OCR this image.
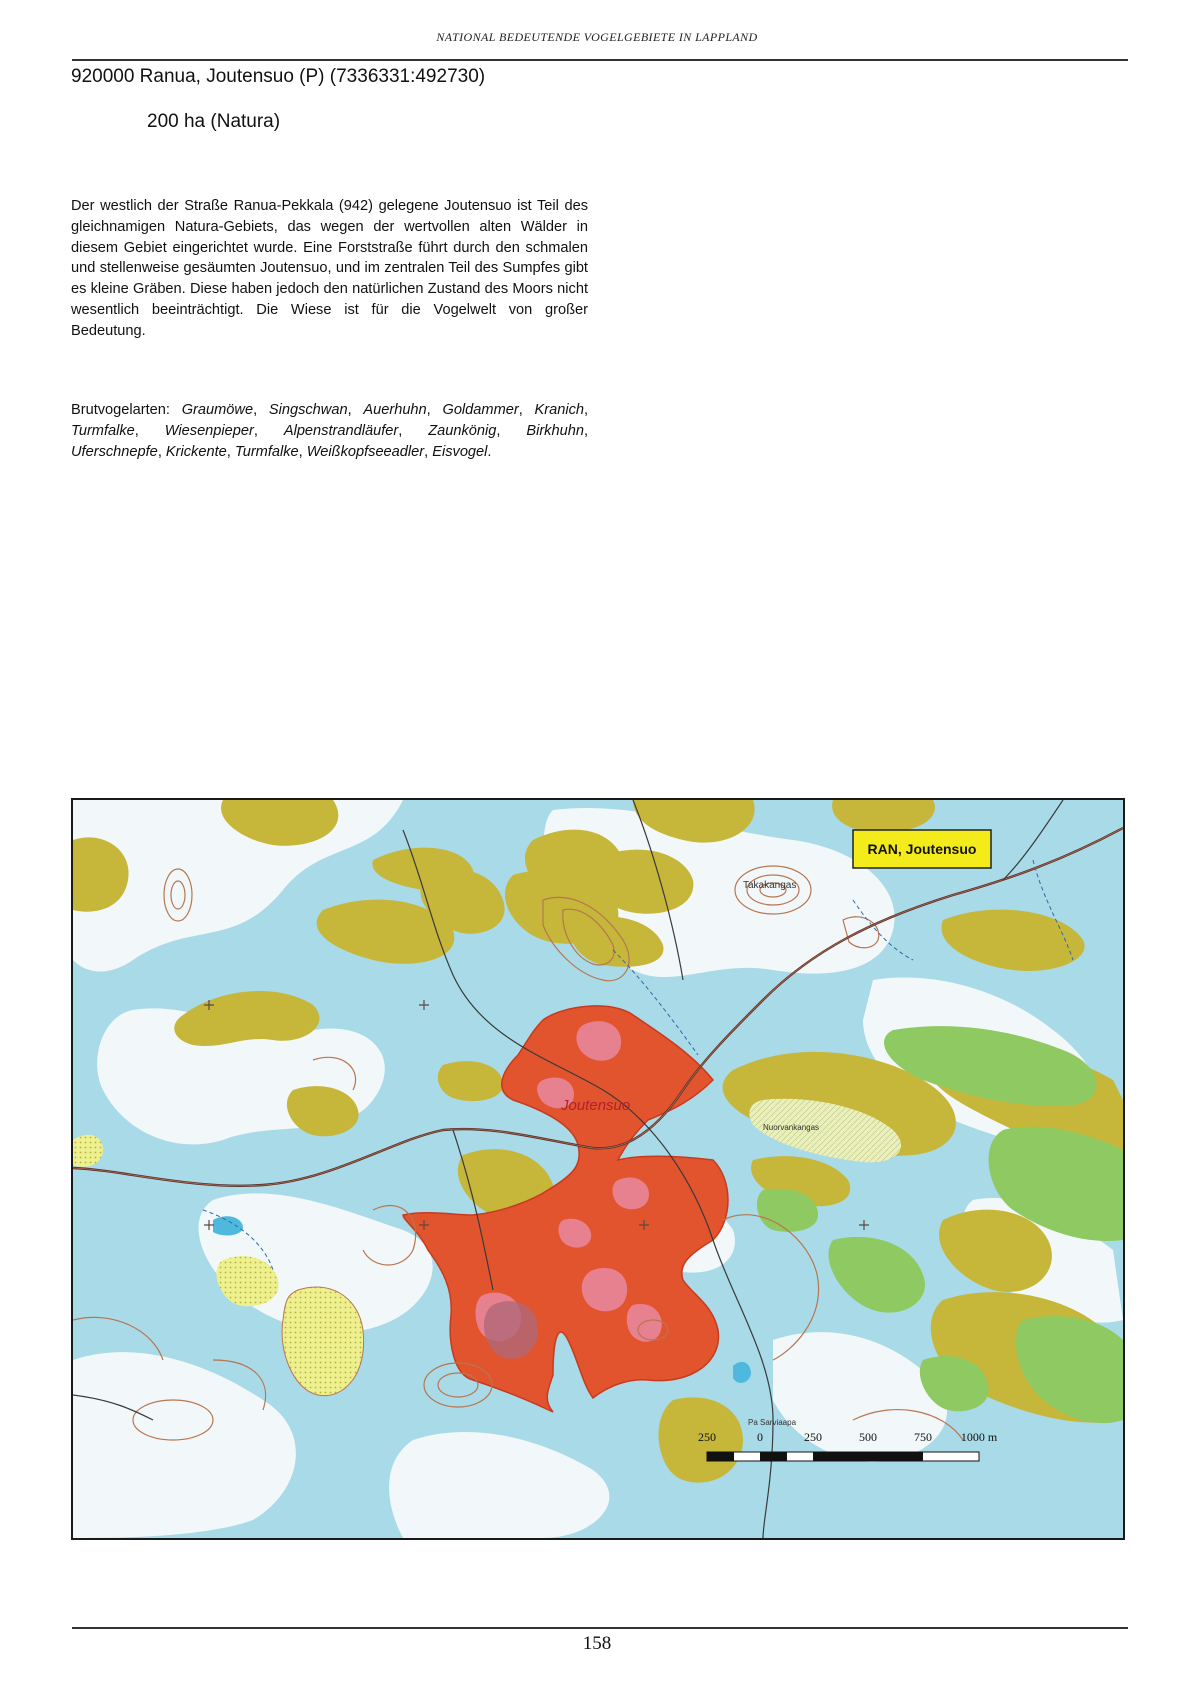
NATIONAL BEDEUTENDE VOGELGEBIETE IN LAPPLAND
920000 Ranua, Joutensuo (P) (7336331:492730)
200 ha (Natura)

Der westlich der Straße Ranua-Pekkala (942) gelegene Joutensuo ist Teil des gleichnamigen Natura-Gebiets, das wegen der wertvollen alten Wälder in diesem Gebiet eingerichtet wurde. Eine Forststraße führt durch den schmalen und stellenweise gesäumten Joutensuo, und im zentralen Teil des Sumpfes gibt es kleine Gräben. Diese haben jedoch den natürlichen Zustand des Moors nicht wesentlich beeinträchtigt. Die Wiese ist für die Vogelwelt von großer Bedeutung.

Brutvogelarten: Graumöwe, Singschwan, Auerhuhn, Goldammer, Kranich, Turmfalke, Wiesenpieper, Alpenstrandläufer, Zaunkönig, Birkhuhn, Uferschnepfe, Krickente, Turmfalke, Weißkopfseeadler, Eisvogel.

Joutensuo
Takakangas
Nuorvankangas
Pa Sarviaapa
RAN, Joutensuo
250	0	250	500	750 1000 m
158
